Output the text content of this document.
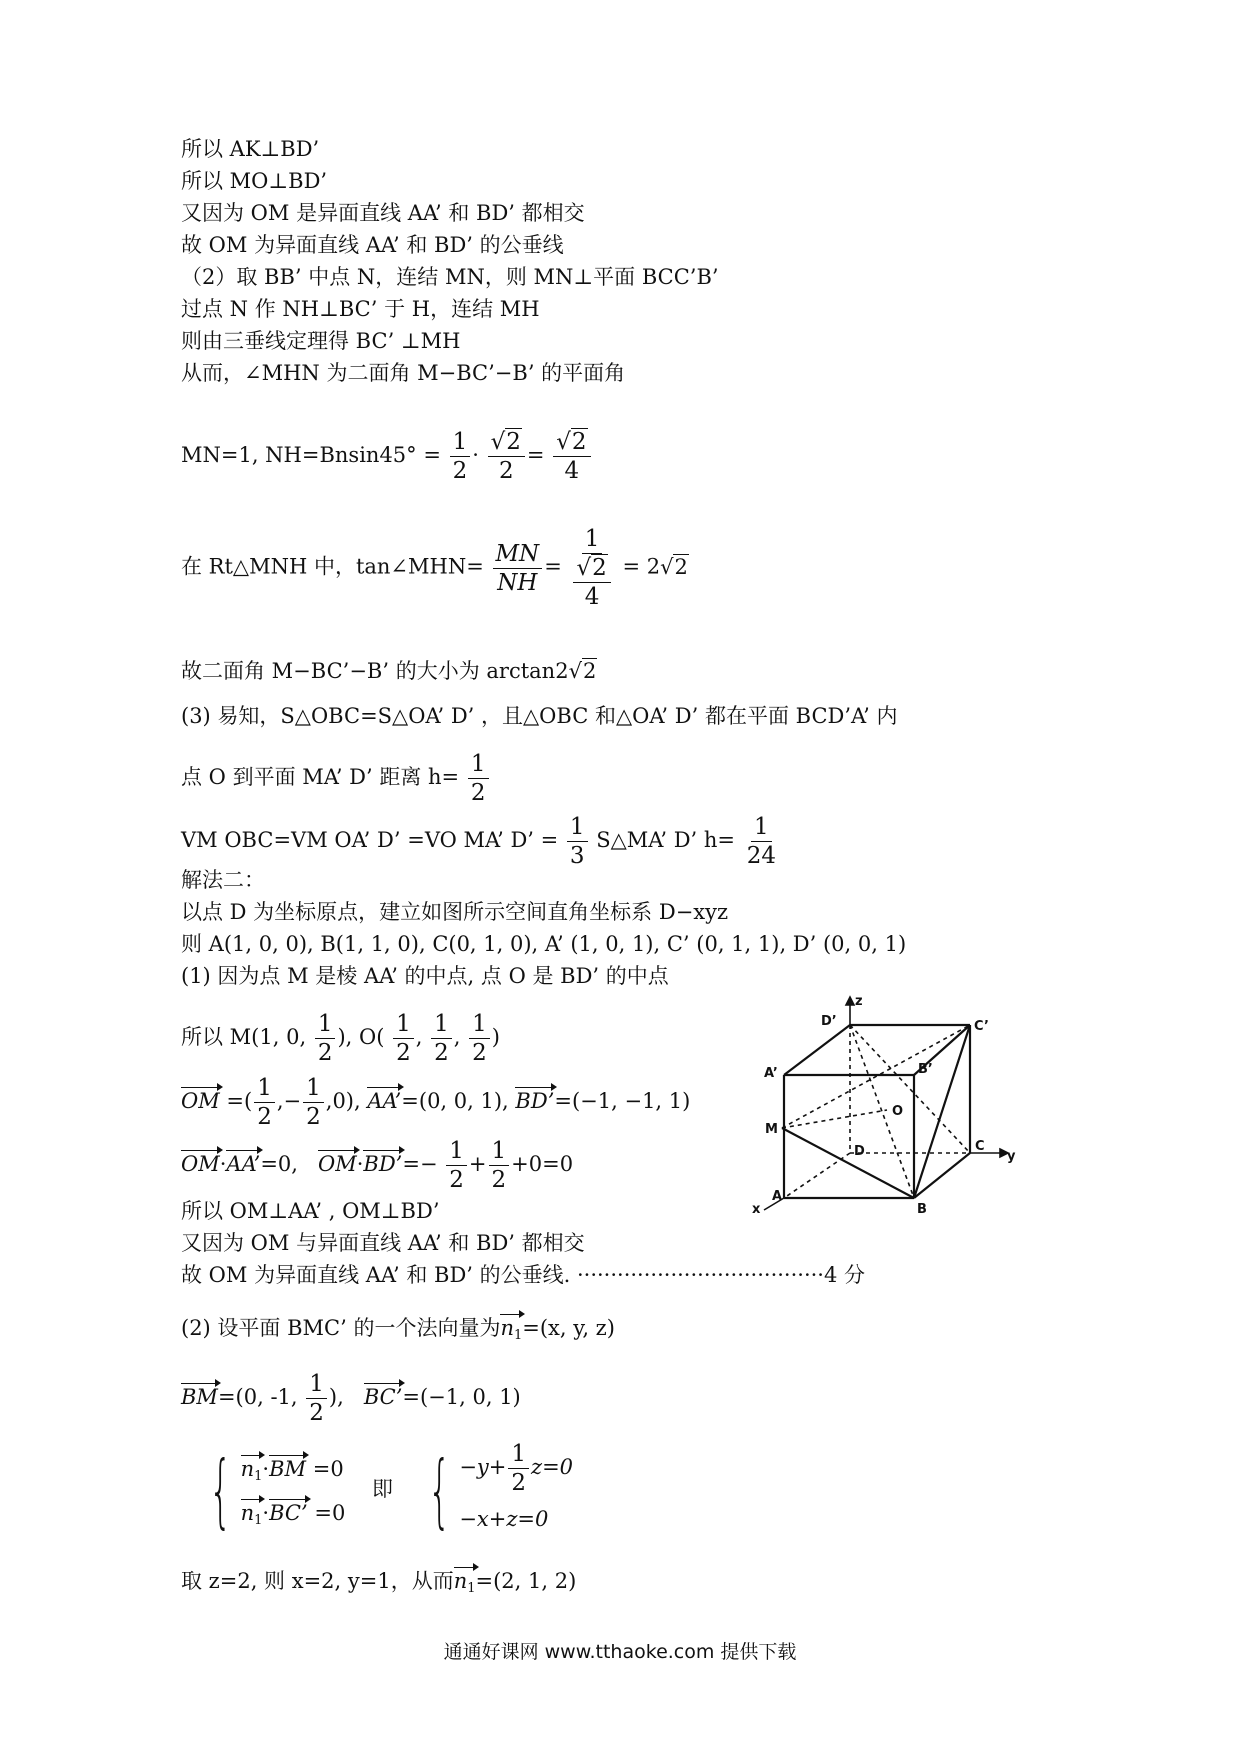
所以 AK⊥BD’
所以 MO⊥BD’
又因为 OM 是异面直线 AA’ 和 BD’ 都相交
故 OM 为异面直线 AA’ 和 BD’ 的公垂线
（2）取 BB’ 中点 N，连结 MN，则 MN⊥平面 BCC’B’
过点 N 作 NH⊥BC’ 于 H，连结 MH
则由三垂线定理得 BC’ ⊥MH
从而，∠MHN 为二面角 M−BC’−B’ 的平面角
MN=1, $NH=Bnsin45^\circ = \frac{1}{2} \cdot \frac{√2}{2} = \frac{√2}{4}$
在 Rt△MNH 中，tan∠MHN= $\frac{MN}{NH} = \frac{1}{\frac{√2}{4}} = 2√2$
故二面角 M−BC’−B’ 的大小为 arctan2√2
(3) 易知，S△OBC=S△OA’ D’ ，且△OBC 和△OA’ D’ 都在平面 BCD’A’ 内
点 O 到平面 MA’ D’ 距离 $h= \frac{1}{2}$
VM OBC=VM OA’ D’ =VO MA’ D’ = $\frac{1}{3}$ S△MA’ D’ $h= \frac{1}{24}$
解法二：
以点 D 为坐标原点，建立如图所示空间直角坐标系 D−xyz
则 A(1, 0, 0), B(1, 1, 0), C(0, 1, 0), A’ (1, 0, 1), C’ (0, 1, 1), D’ (0, 0, 1)
(1) 因为点 M 是棱 AA’ 的中点, 点 O 是 BD’ 的中点
所以 M(1, 0, $\frac{1}{2}$ ), $O( \frac{1}{2}$ , $\frac{1}{2}$ , $\frac{1}{2}$ )
OM =( $\frac{1}{2}$ ,− $\frac{1}{2} ,0$), AA’=(0, 0, 1), BD’=(−1, −1, 1)
OM·AA’=0, OM·BD’=− $\frac{1}{2} + \frac{1}{2} +0=0$
所以 OM⊥AA’ , OM⊥BD’
又因为 OM 与异面直线 AA’ 和 BD’ 都相交
故 OM 为异面直线 AA’ 和 BD’ 的公垂线. ·····································4 分
(2) 设平面 BMC’ 的一个法向量为$n_1=(x$, y, z)
BM=(0, -1, $\frac{1}{2}$ ),   BC’=(−1, 0, 1)
{ $n_1\cdot BM =0$
$n_1\cdot BC$’ =0
即 { $-y+ \frac{1}{2} z=0$
−x+z=0
取 z=2, 则 x=2, y=1，从而$n_1=(2$, 1, 2)
z
D’	C’
A’	B’
O
M
D	C
y
A
B
x
通通好课网 www.tthaoke.com 提供下载
